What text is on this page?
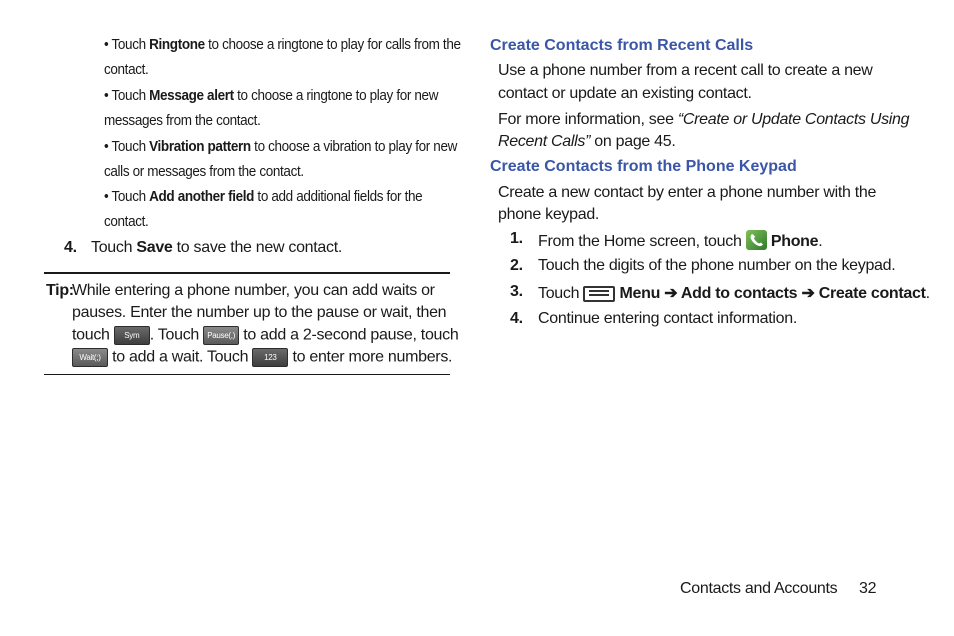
• Touch Ringtone to choose a ringtone to play for calls from the
contact.
• Touch Message alert to choose a ringtone to play for new
messages from the contact.
• Touch Vibration pattern to choose a vibration to play for new
calls or messages from the contact.
• Touch Add another field to add additional fields for the
contact.
4. Touch Save to save the new contact.
Tip:
While entering a phone number, you can add waits or
pauses. Enter the number up to the pause or wait, then
touch Sym . Touch Pause(,) to add a 2-second pause, touch
Wait(;) to add a wait. Touch 123 to enter more numbers.
Create Contacts from Recent Calls
Use a phone number from a recent call to create a new
contact or update an existing contact.
For more information, see “Create or Update Contacts Using
Recent Calls” on page 45.
Create Contacts from the Phone Keypad
Create a new contact by enter a phone number with the
phone keypad.
1. From the Home screen, touch  Phone.
2. Touch the digits of the phone number on the keypad.
3. Touch
Menu ➔ Add to contacts ➔ Create contact.
4. Continue entering contact information.
Contacts and Accounts 32
